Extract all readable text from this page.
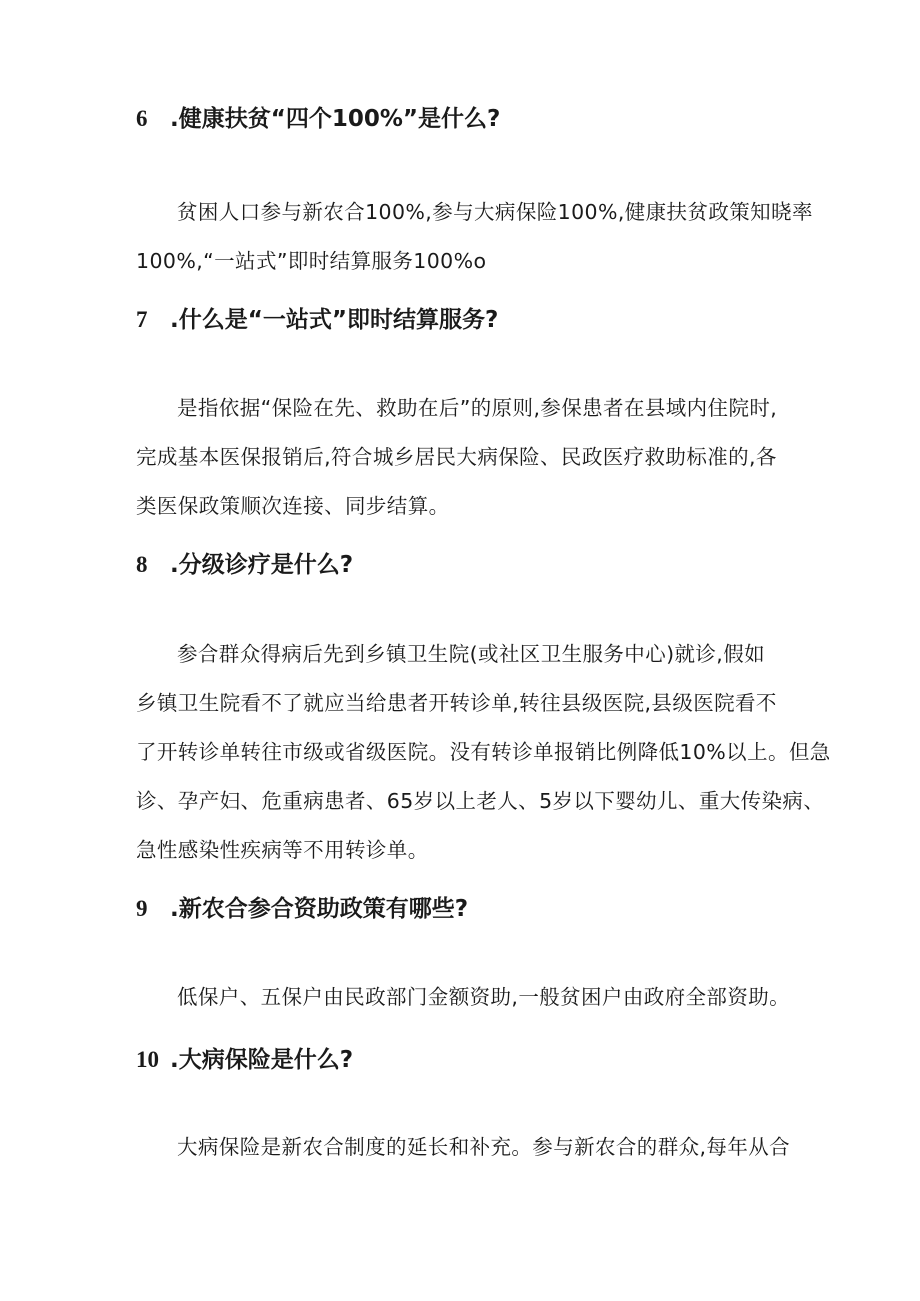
6 .健康扶贫“四个100%”是什么?
贫困人口参与新农合100%,参与大病保险100%,健康扶贫政策知晓率
100%,“一站式”即时结算服务100%o
7 .什么是“一站式”即时结算服务?
是指依据“保险在先、救助在后”的原则,参保患者在县域内住院时,
完成基本医保报销后,符合城乡居民大病保险、民政医疗救助标准的,各
类医保政策顺次连接、同步结算。
8 .分级诊疗是什么?
参合群众得病后先到乡镇卫生院(或社区卫生服务中心)就诊,假如
乡镇卫生院看不了就应当给患者开转诊单,转往县级医院,县级医院看不
了开转诊单转往市级或省级医院。没有转诊单报销比例降低10%以上。但急
诊、孕产妇、危重病患者、65岁以上老人、5岁以下婴幼儿、重大传染病、
急性感染性疾病等不用转诊单。
9 .新农合参合资助政策有哪些?
低保户、五保户由民政部门金额资助,一般贫困户由政府全部资助。
10 .大病保险是什么?
大病保险是新农合制度的延长和补充。参与新农合的群众,每年从合
